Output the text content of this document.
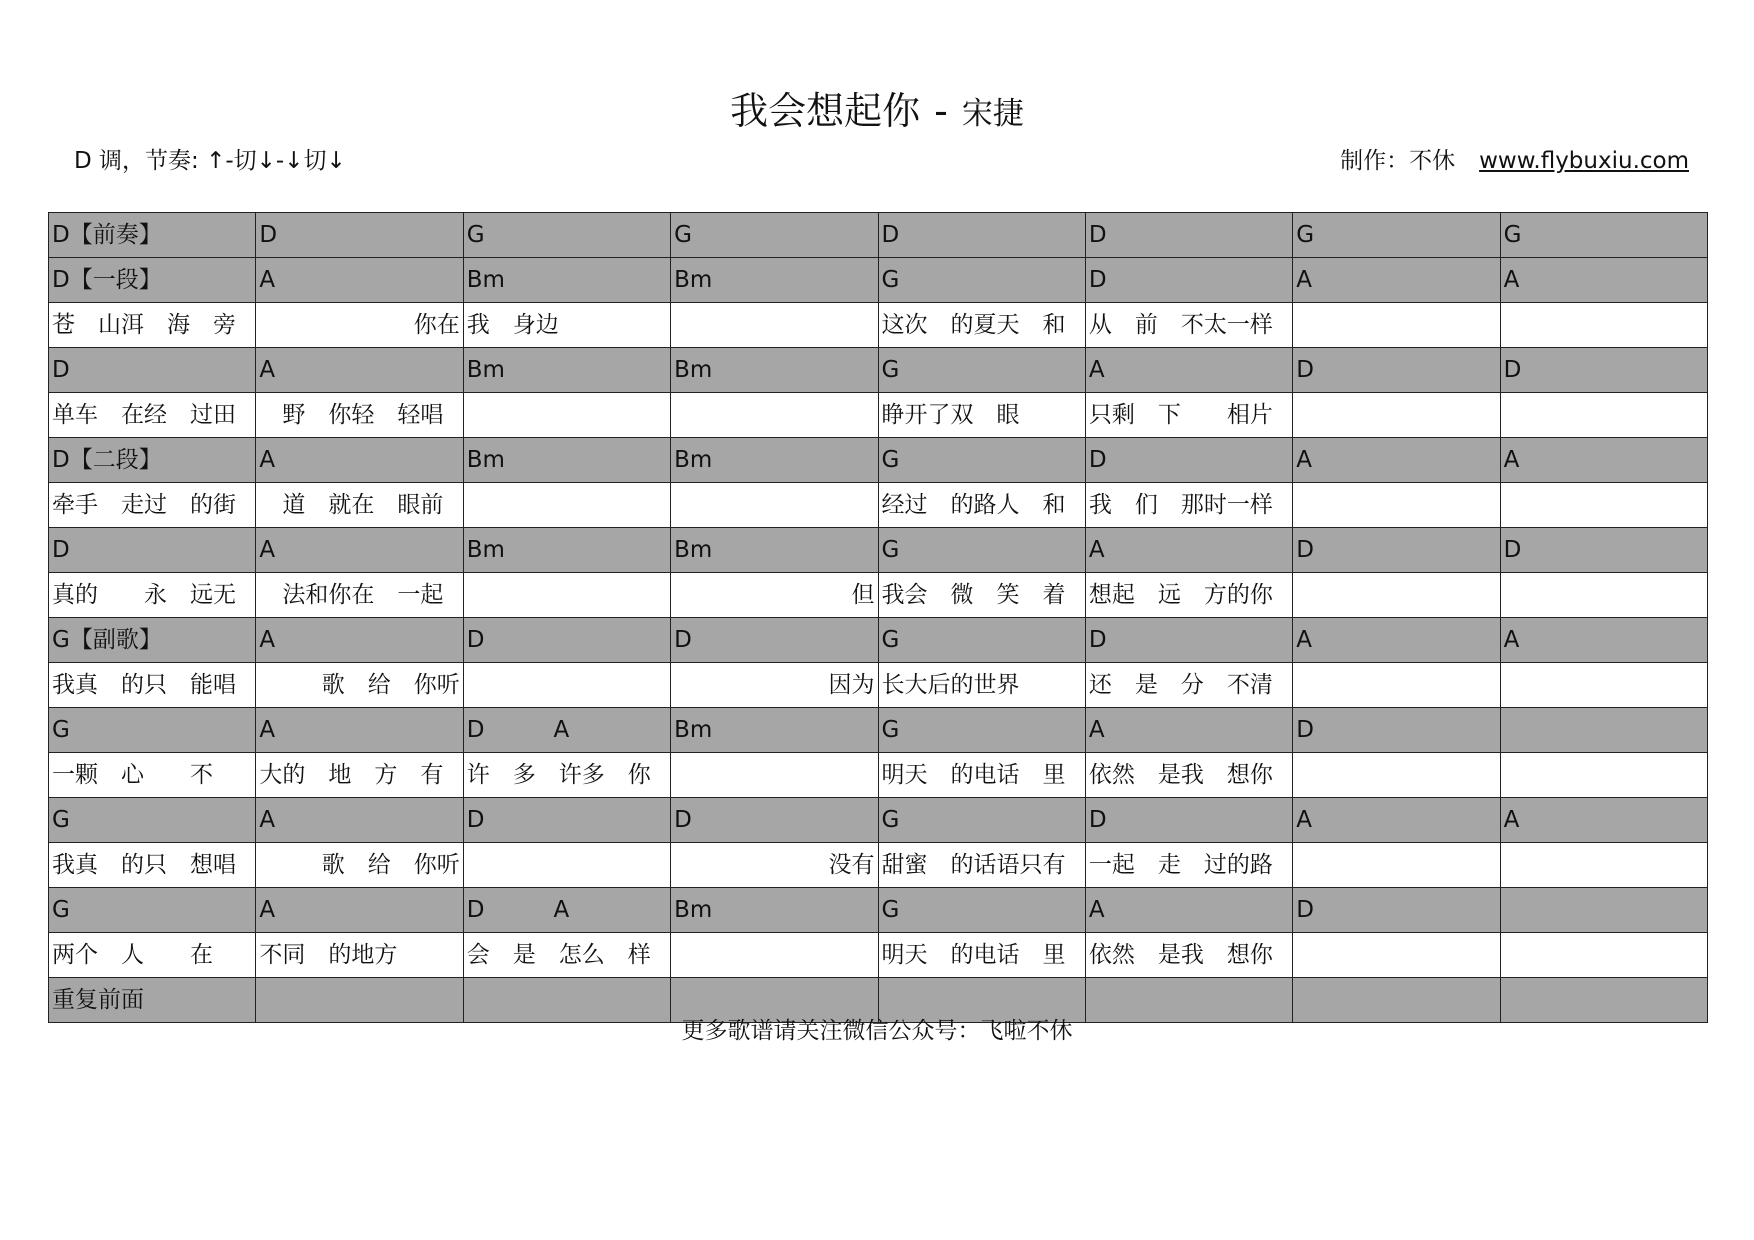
我会想起你 - 宋捷
D 调，节奏: ↑-切↓-↓切↓	制作：不休 www.flybuxiu.com
D【前奏】	D	G	G	D	D	G	G
D【一段】	A	Bm	Bm	G	D	A	A
苍　山洱　海　旁	你在	我　身边		这次　的夏天　和	从　前　不太一样		
D	A	Bm	Bm	G	A	D	D
单车　在经　过田	　野　你轻　轻唱			睁开了双　眼	只剩　下　　相片		
D【二段】	A	Bm	Bm	G	D	A	A
牵手　走过　的街	　道　就在　眼前			经过　的路人　和	我　们　那时一样		
D	A	Bm	Bm	G	A	D	D
真的　　永　远无	　法和你在　一起		但	我会　微　笑　着	想起　远　方的你		
G【副歌】	A	D	D	G	D	A	A
我真　的只　能唱	　歌　给　你听		因为	长大后的世界	还　是　分　不清		
G	A	D　　　A	Bm	G	A	D	
一颗　心　　不	大的　地　方　有	许　多　许多　你		明天　的电话　里	依然　是我　想你		
G	A	D	D	G	D	A	A
我真　的只　想唱	　歌　给　你听		没有	甜蜜　的话语只有	一起　走　过的路		
G	A	D　　　A	Bm	G	A	D	
两个　人　　在	不同　的地方	会　是　怎么　样		明天　的电话　里	依然　是我　想你		
重复前面							
更多歌谱请关注微信公众号：飞啦不休
